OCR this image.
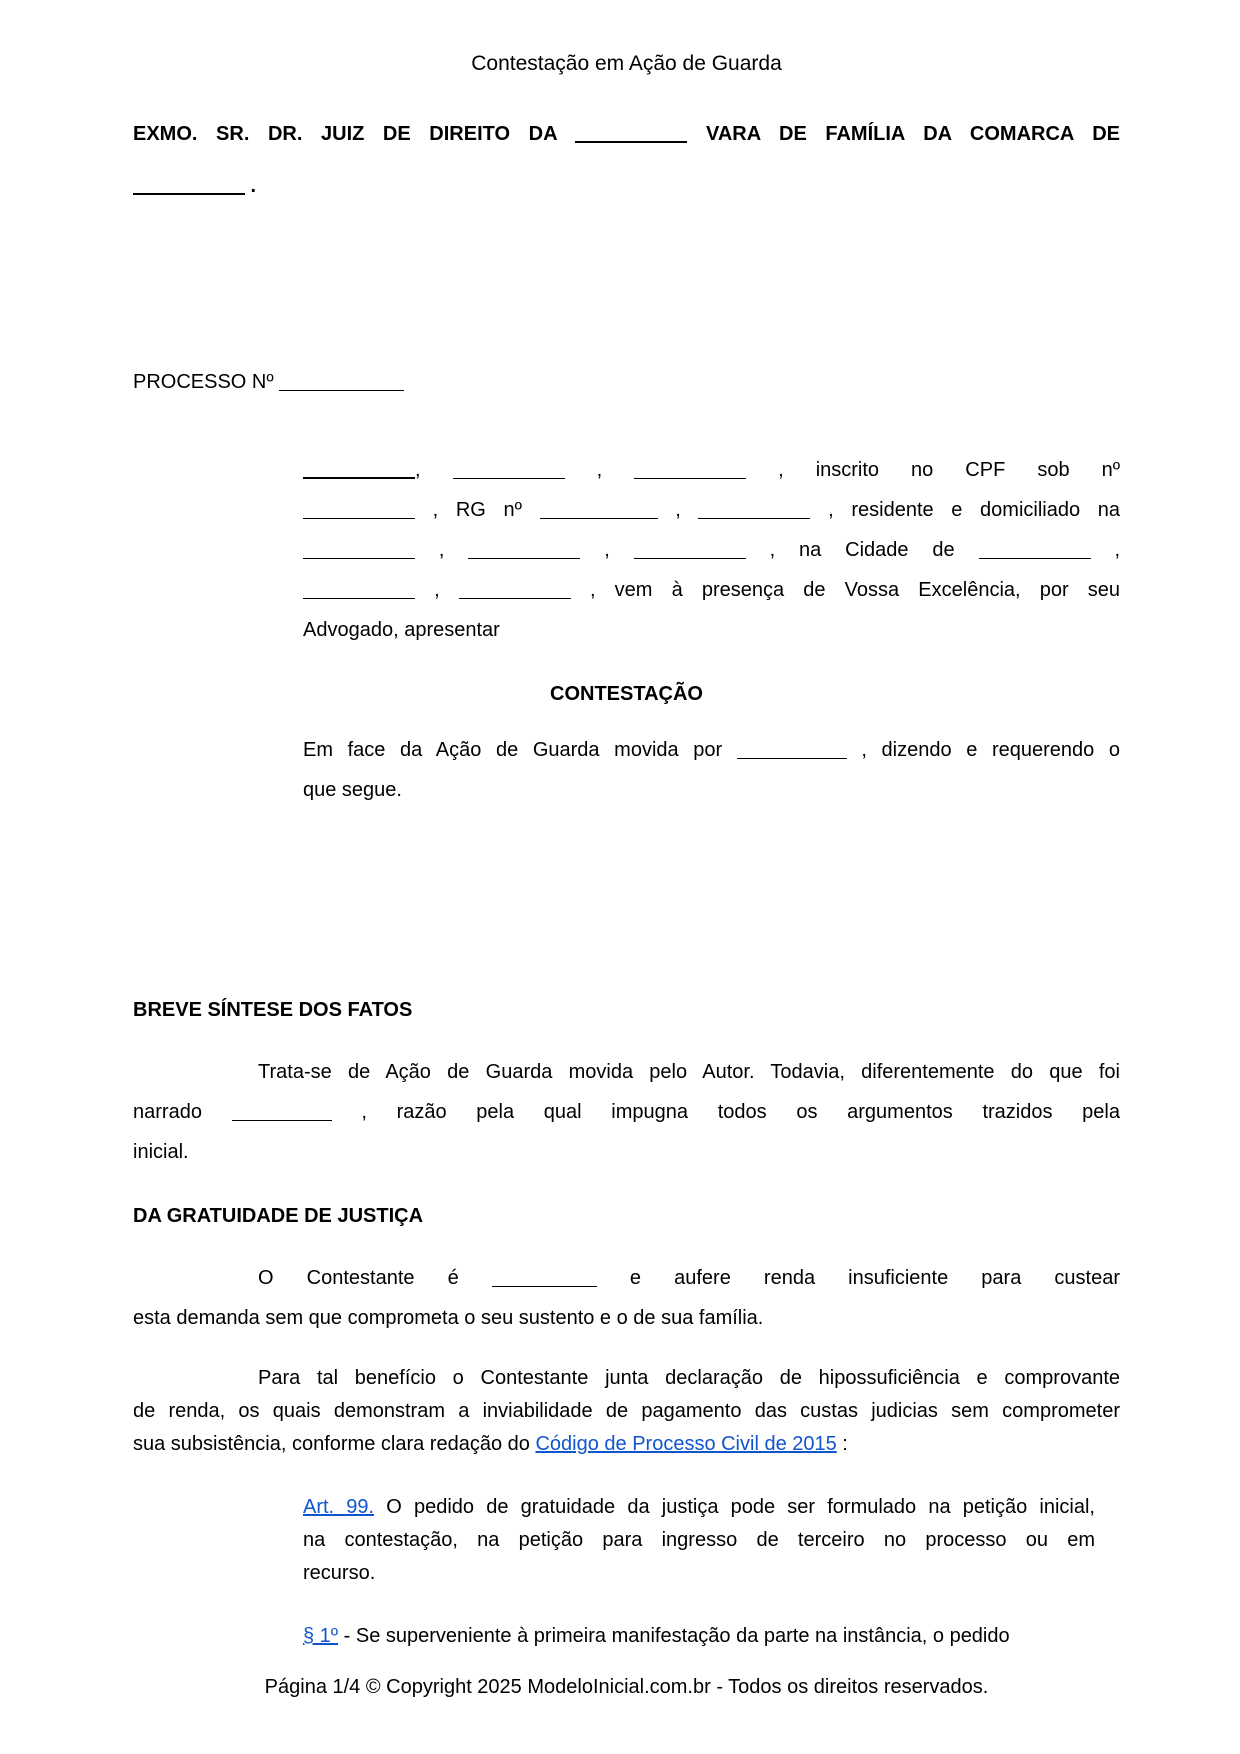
Contestação em Ação de Guarda
EXMO. SR. DR. JUIZ DE DIREITO DA	VARA DE FAMÍLIA DA COMARCA DE
.
PROCESSO Nº
,	,	, inscrito no CPF sob nº
, RG nº	,	, residente e domiciliado na
,	,	, na Cidade de	,
,	, vem à presença de Vossa Excelência, por seu
Advogado, apresentar
CONTESTAÇÃO
Em face da Ação de Guarda movida por	, dizendo e requerendo o
que segue.
BREVE SÍNTESE DOS FATOS
Trata-se de Ação de Guarda movida pelo Autor. Todavia, diferentemente do que foi
narrado	, razão pela qual impugna todos os argumentos trazidos pela
inicial.
DA GRATUIDADE DE JUSTIÇA
O Contestante é	e aufere renda insuficiente para custear
esta demanda sem que comprometa o seu sustento e o de sua família.
Para tal benefício o Contestante junta declaração de hipossuficiência e comprovante
de renda, os quais demonstram a inviabilidade de pagamento das custas judicias sem comprometer
sua subsistência, conforme clara redação do Código de Processo Civil de 2015 :
Art. 99. O pedido de gratuidade da justiça pode ser formulado na petição inicial,
na contestação, na petição para ingresso de terceiro no processo ou em
recurso.
§ 1º - Se superveniente à primeira manifestação da parte na instância, o pedido
Página 1/4 © Copyright 2025 ModeloInicial.com.br - Todos os direitos reservados.
